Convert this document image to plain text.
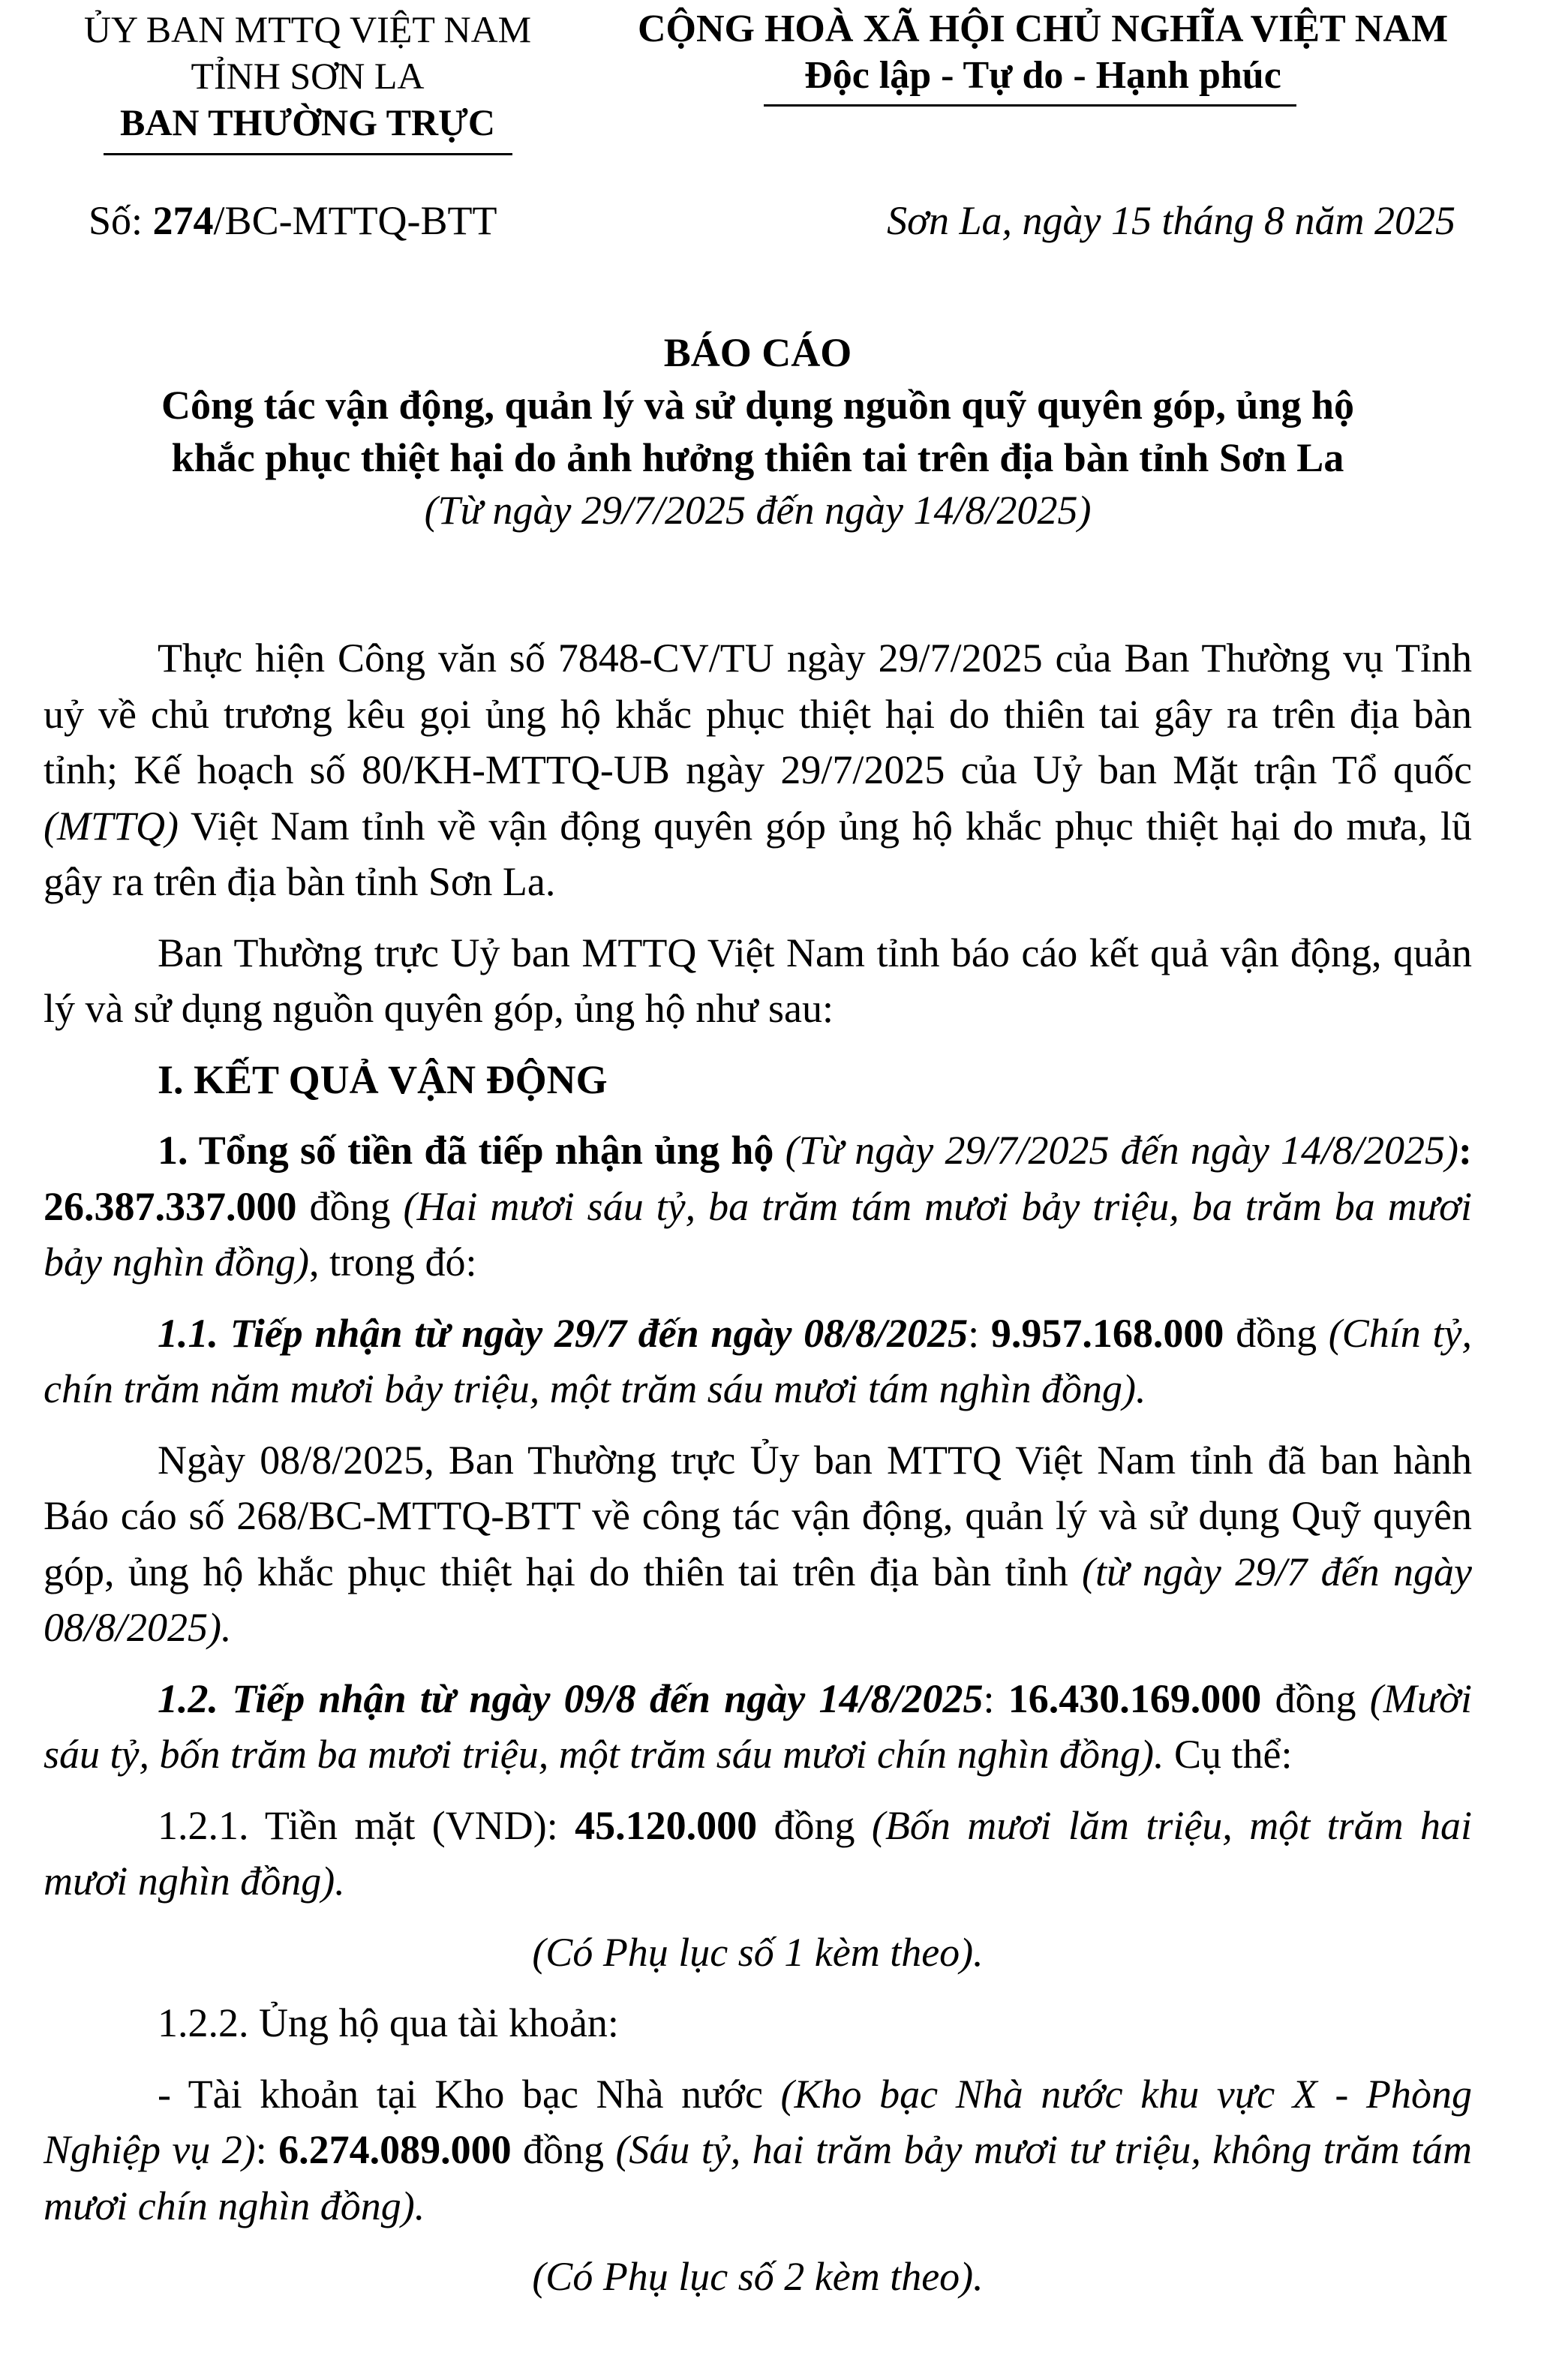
ỦY BAN MTTQ VIỆT NAM
TỈNH SƠN LA
BAN THƯỜNG TRỰC
CỘNG HOÀ XÃ HỘI CHỦ NGHĨA VIỆT NAM
Độc lập - Tự do - Hạnh phúc
Số: 274/BC-MTTQ-BTT	Sơn La, ngày 15 tháng 8 năm 2025
BÁO CÁO
Công tác vận động, quản lý và sử dụng nguồn quỹ quyên góp, ủng hộ
khắc phục thiệt hại do ảnh hưởng thiên tai trên địa bàn tỉnh Sơn La
(Từ ngày 29/7/2025 đến ngày 14/8/2025)

Thực hiện Công văn số 7848-CV/TU ngày 29/7/2025 của Ban Thường vụ Tỉnh uỷ về chủ trương kêu gọi ủng hộ khắc phục thiệt hại do thiên tai gây ra trên địa bàn tỉnh; Kế hoạch số 80/KH-MTTQ-UB ngày 29/7/2025 của Uỷ ban Mặt trận Tổ quốc (MTTQ) Việt Nam tỉnh về vận động quyên góp ủng hộ khắc phục thiệt hại do mưa, lũ gây ra trên địa bàn tỉnh Sơn La.

Ban Thường trực Uỷ ban MTTQ Việt Nam tỉnh báo cáo kết quả vận động, quản lý và sử dụng nguồn quyên góp, ủng hộ như sau:

I. KẾT QUẢ VẬN ĐỘNG

1. Tổng số tiền đã tiếp nhận ủng hộ (Từ ngày 29/7/2025 đến ngày 14/8/2025): 26.387.337.000 đồng (Hai mươi sáu tỷ, ba trăm tám mươi bảy triệu, ba trăm ba mươi bảy nghìn đồng), trong đó:

1.1. Tiếp nhận từ ngày 29/7 đến ngày 08/8/2025: 9.957.168.000 đồng (Chín tỷ, chín trăm năm mươi bảy triệu, một trăm sáu mươi tám nghìn đồng).

Ngày 08/8/2025, Ban Thường trực Ủy ban MTTQ Việt Nam tỉnh đã ban hành Báo cáo số 268/BC-MTTQ-BTT về công tác vận động, quản lý và sử dụng Quỹ quyên góp, ủng hộ khắc phục thiệt hại do thiên tai trên địa bàn tỉnh (từ ngày 29/7 đến ngày 08/8/2025).

1.2. Tiếp nhận từ ngày 09/8 đến ngày 14/8/2025: 16.430.169.000 đồng (Mười sáu tỷ, bốn trăm ba mươi triệu, một trăm sáu mươi chín nghìn đồng). Cụ thể:

1.2.1. Tiền mặt (VND): 45.120.000 đồng (Bốn mươi lăm triệu, một trăm hai mươi nghìn đồng).

(Có Phụ lục số 1 kèm theo).

1.2.2. Ủng hộ qua tài khoản:

- Tài khoản tại Kho bạc Nhà nước (Kho bạc Nhà nước khu vực X - Phòng Nghiệp vụ 2): 6.274.089.000 đồng (Sáu tỷ, hai trăm bảy mươi tư triệu, không trăm tám mươi chín nghìn đồng).

(Có Phụ lục số 2 kèm theo).
